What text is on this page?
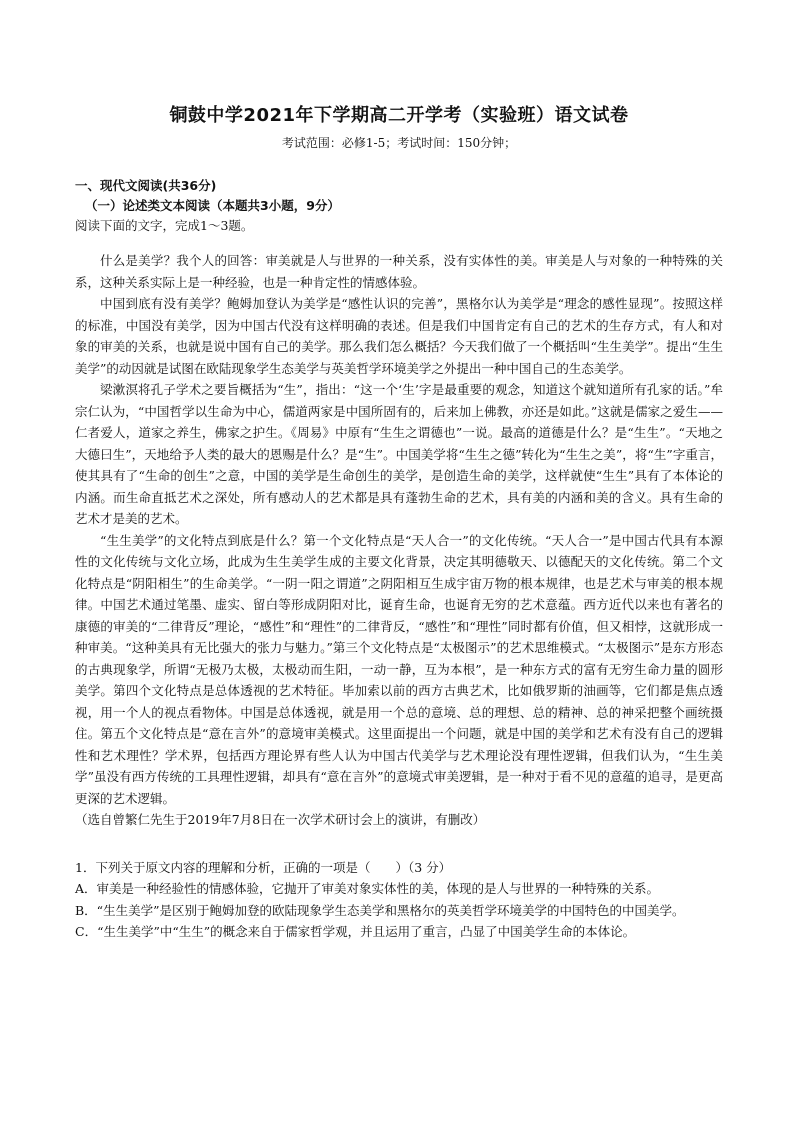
铜鼓中学2021年下学期高二开学考（实验班）语文试卷

考试范围：必修1-5；考试时间：150分钟；

一、现代文阅读(共36分)

（一）论述类文本阅读（本题共3小题，9分）

阅读下面的文字，完成1～3题。

什么是美学？我个人的回答：审美就是人与世界的一种关系，没有实体性的美。审美是人与对象的一种特殊的关系，这种关系实际上是一种经验，也是一种肯定性的情感体验。

中国到底有没有美学？鲍姆加登认为美学是“感性认识的完善”，黑格尔认为美学是“理念的感性显现”。按照这样的标准，中国没有美学，因为中国古代没有这样明确的表述。但是我们中国肯定有自己的艺术的生存方式，有人和对象的审美的关系，也就是说中国有自己的美学。那么我们怎么概括？今天我们做了一个概括叫“生生美学”。提出“生生美学”的动因就是试图在欧陆现象学生态美学与英美哲学环境美学之外提出一种中国自己的生态美学。

梁漱溟将孔子学术之要旨概括为“生”，指出：“这一个‘生’字是最重要的观念，知道这个就知道所有孔家的话。”牟宗仁认为，“中国哲学以生命为中心，儒道两家是中国所固有的，后来加上佛教，亦还是如此。”这就是儒家之爱生——仁者爱人，道家之养生，佛家之护生。《周易》中原有“生生之谓德也”一说。最高的道德是什么？是“生生”。“天地之大德曰生”，天地给予人类的最大的恩赐是什么？是“生”。中国美学将“生生之德”转化为“生生之美”，将“生”字重言，使其具有了“生命的创生”之意，中国的美学是生命创生的美学，是创造生命的美学，这样就使“生生”具有了本体论的内涵。而生命直抵艺术之深处，所有感动人的艺术都是具有蓬勃生命的艺术，具有美的内涵和美的含义。具有生命的艺术才是美的艺术。

“生生美学”的文化特点到底是什么？第一个文化特点是“天人合一”的文化传统。“天人合一”是中国古代具有本源性的文化传统与文化立场，此成为生生美学生成的主要文化背景，决定其明德敬天、以德配天的文化传统。第二个文化特点是“阴阳相生”的生命美学。“一阴一阳之谓道”之阴阳相互生成宇宙万物的根本规律，也是艺术与审美的根本规律。中国艺术通过笔墨、虚实、留白等形成阴阳对比，诞育生命，也诞育无穷的艺术意蕴。西方近代以来也有著名的康德的审美的“二律背反”理论，“感性”和“理性”的二律背反，“感性”和“理性”同时都有价值，但又相悖，这就形成一种审美。“这种美具有无比强大的张力与魅力。”第三个文化特点是“太极图示”的艺术思维模式。“太极图示”是东方形态的古典现象学，所谓“无极乃太极，太极动而生阳，一动一静，互为本根”，是一种东方式的富有无穷生命力量的圆形美学。第四个文化特点是总体透视的艺术特征。毕加索以前的西方古典艺术，比如俄罗斯的油画等，它们都是焦点透视，用一个人的视点看物体。中国是总体透视，就是用一个总的意境、总的理想、总的精神、总的神采把整个画统摄住。第五个文化特点是“意在言外”的意境审美模式。这里面提出一个问题，就是中国的美学和艺术有没有自己的逻辑性和艺术理性？学术界，包括西方理论界有些人认为中国古代美学与艺术理论没有理性逻辑，但我们认为，“生生美学”虽没有西方传统的工具理性逻辑，却具有“意在言外”的意境式审美逻辑，是一种对于看不见的意蕴的追寻，是更高更深的艺术逻辑。

（选自曾繁仁先生于2019年7月8日在一次学术研讨会上的演讲，有删改）

1．下列关于原文内容的理解和分析，正确的一项是（　　）（3 分）

A．审美是一种经验性的情感体验，它抛开了审美对象实体性的美，体现的是人与世界的一种特殊的关系。

B．“生生美学”是区别于鲍姆加登的欧陆现象学生态美学和黑格尔的英美哲学环境美学的中国特色的中国美学。

C．“生生美学”中“生生”的概念来自于儒家哲学观，并且运用了重言，凸显了中国美学生命的本体论。
